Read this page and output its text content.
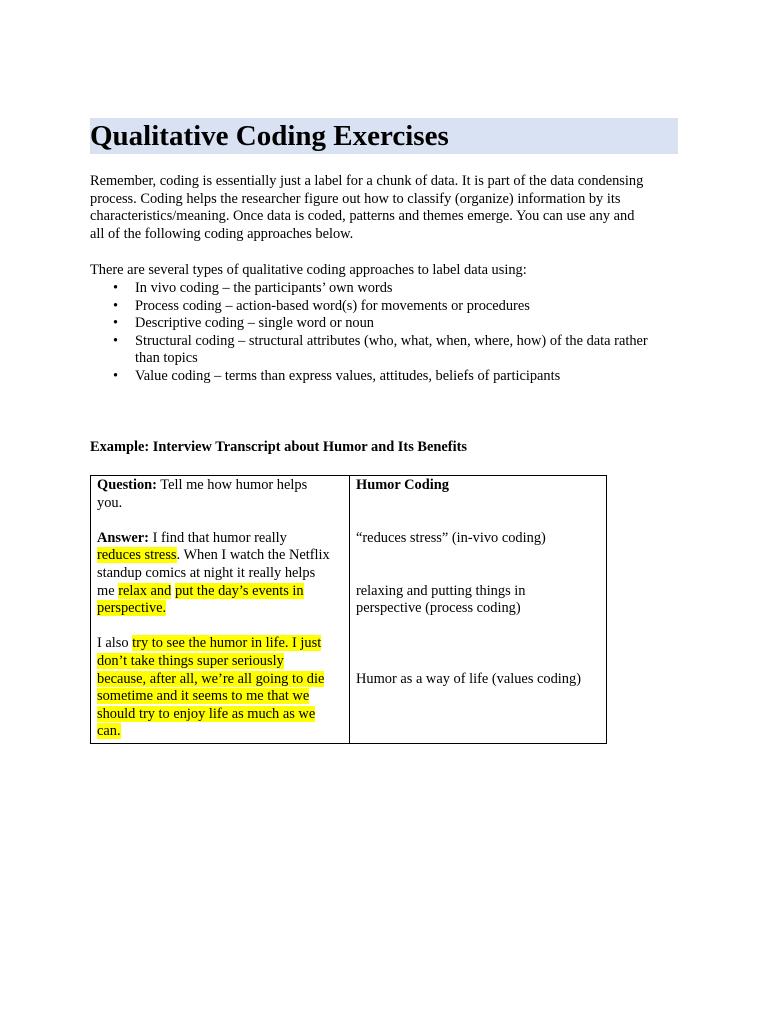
Qualitative Coding Exercises
Remember, coding is essentially just a label for a chunk of data. It is part of the data condensing
process. Coding helps the researcher figure out how to classify (organize) information by its
characteristics/meaning. Once data is coded, patterns and themes emerge. You can use any and
all of the following coding approaches below.
There are several types of qualitative coding approaches to label data using:
• In vivo coding – the participants’ own words
• Process coding – action-based word(s) for movements or procedures
• Descriptive coding – single word or noun
• Structural coding – structural attributes (who, what, when, where, how) of the data rather
than topics
• Value coding – terms than express values, attitudes, beliefs of participants
Example: Interview Transcript about Humor and Its Benefits
Question: Tell me how humor helps
you.
Answer: I find that humor really
reduces stress. When I watch the Netflix
standup comics at night it really helps
me relax and put the day’s events in
perspective.
I also try to see the humor in life. I just
don’t take things super seriously
because, after all, we’re all going to die
sometime and it seems to me that we
should try to enjoy life as much as we
can.
Humor Coding
“reduces stress” (in-vivo coding)
relaxing and putting things in
perspective (process coding)
Humor as a way of life (values coding)
